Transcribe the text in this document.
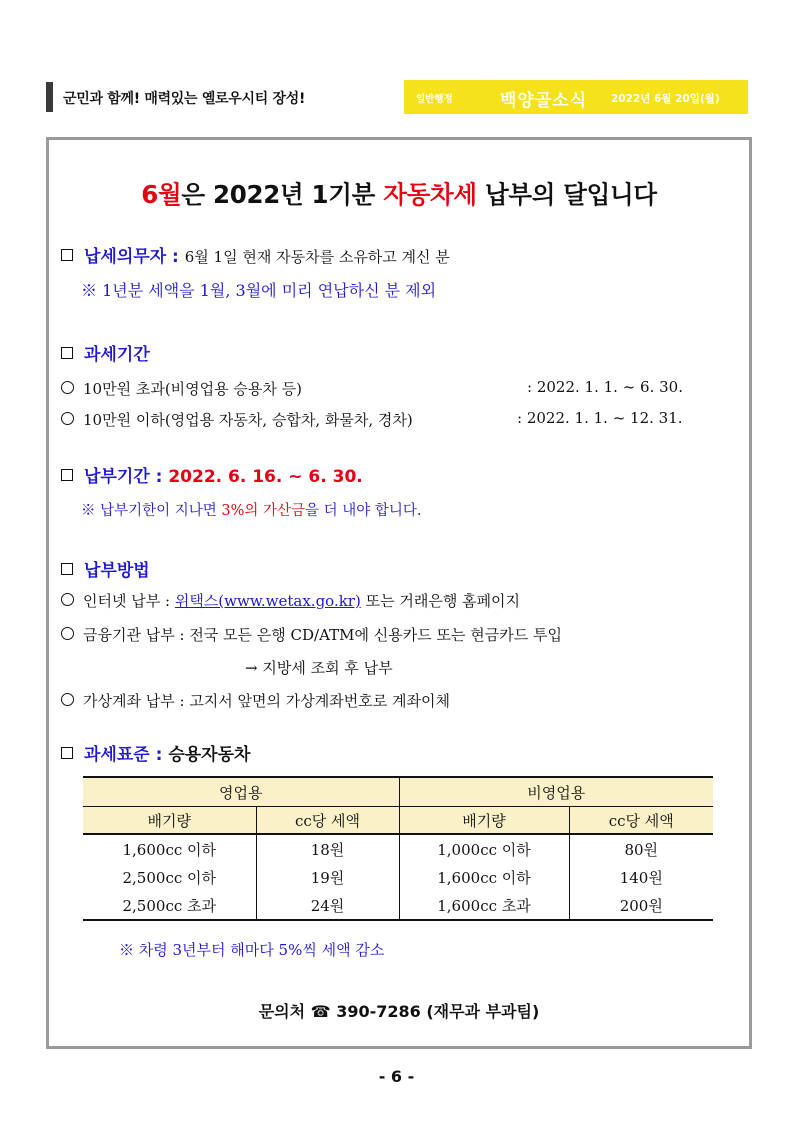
군민과 함께! 매력있는 옐로우시티 장성!	일반행정	백양골소식 2022년 6월 20일(월)
6월은 2022년 1기분 자동차세 납부의 달입니다
납세의무자 : 6월 1일 현재 자동차를 소유하고 계신 분
※ 1년분 세액을 1월, 3월에 미리 연납하신 분 제외
과세기간
10만원 초과(비영업용 승용차 등)	: 2022. 1. 1. ~ 6. 30.
10만원 이하(영업용 자동차, 승합차, 화물차, 경차)	: 2022. 1. 1. ~ 12. 31.
납부기간 : 2022. 6. 16. ~ 6. 30.
※ 납부기한이 지나면 3%의 가산금을 더 내야 합니다.
납부방법
인터넷 납부 : 위택스(www.wetax.go.kr) 또는 거래은행 홈페이지
금융기관 납부 : 전국 모든 은행 CD/ATM에 신용카드 또는 현금카드 투입
→ 지방세 조회 후 납부
가상계좌 납부 : 고지서 앞면의 가상계좌번호로 계좌이체
과세표준 : 승용자동차
영업용		비영업용	
배기량	cc당 세액	배기량	cc당 세액
1,600cc 이하	18원	1,000cc 이하	80원
2,500cc 이하	19원	1,600cc 이하	140원
2,500cc 초과	24원	1,600cc 초과	200원
※ 차령 3년부터 해마다 5%씩 세액 감소
문의처 ☎ 390-7286 (재무과 부과팀)
- 6 -
